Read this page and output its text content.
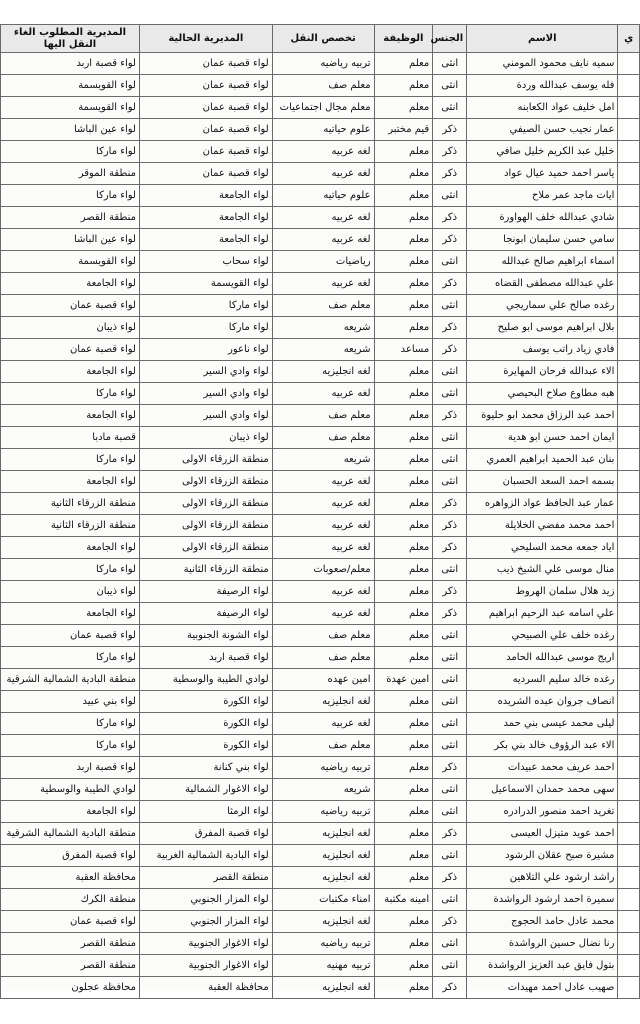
ي	الاسم	الجنس	الوظيفة	تخصص النقل	المديرية الحالية	المديرية المطلوب الغاء النقل اليها
	سميه نايف محمود المومني	انثى	معلم	تربيه رياضيه	لواء قصبة عمان	لواء قصبة اربد
	فله يوسف عبدالله وردة	انثى	معلم	معلم صف	لواء قصبة عمان	لواء القويسمة
	امل خليف عواد الكعابنه	انثى	معلم	معلم مجال اجتماعيات	لواء قصبة عمان	لواء القويسمة
	عمار نجيب حسن الصيفي	ذكر	قيم مختبر	علوم حياتيه	لواء قصبة عمان	لواء عين الباشا
	خليل عبد الكريم خليل صافي	ذكر	معلم	لغه عربيه	لواء قصبة عمان	لواء ماركا
	ياسر احمد حميد عيال عواد	ذكر	معلم	لغه عربيه	لواء قصبة عمان	منطقة الموقر
	ايات ماجد عمر ملاح	انثى	معلم	علوم حياتيه	لواء الجامعة	لواء ماركا
	شادي عبدالله خلف الهواورة	ذكر	معلم	لغه عربيه	لواء الجامعة	منطقة القصر
	سامي حسن سليمان ابونجا	ذكر	معلم	لغه عربيه	لواء الجامعة	لواء عين الباشا
	اسماء ابراهيم صالح عبدالله	انثى	معلم	رياضيات	لواء سحاب	لواء القويسمة
	علي عبدالله مصطفى القضاه	ذكر	معلم	لغه عربيه	لواء القويسمة	لواء الجامعة
	رغده صالح علي سماريجي	انثى	معلم	معلم صف	لواء ماركا	لواء قصبة عمان
	بلال ابراهيم موسى ابو صليح	ذكر	معلم	شريعه	لواء ماركا	لواء ذيبان
	فادي زياد راتب يوسف	ذكر	مساعد	شريعه	لواء ناعور	لواء قصبة عمان
	الاء عبدالله فرحان المهايرة	انثى	معلم	لغه انجليزيه	لواء وادي السير	لواء الجامعة
	هبه مطاوع صلاح البحيصي	انثى	معلم	لغه عربيه	لواء وادي السير	لواء ماركا
	احمد عبد الرزاق محمد ابو حليوة	ذكر	معلم	معلم صف	لواء وادي السير	لواء الجامعة
	ايمان احمد حسن ابو هدية	انثى	معلم	معلم صف	لواء ذيبان	قصبة مادبا
	بنان عبد الحميد ابراهيم العمري	انثى	معلم	شريعه	منطقة الزرقاء الاولى	لواء ماركا
	بسمه احمد السعد الحسبان	انثى	معلم	لغه عربيه	منطقة الزرقاء الاولى	لواء الجامعة
	عمار عبد الحافظ عواد الزواهره	ذكر	معلم	لغه عربيه	منطقة الزرقاء الاولى	منطقة الزرقاء الثانية
	احمد محمد مفضي الخلايلة	ذكر	معلم	لغه عربيه	منطقة الزرقاء الاولى	منطقة الزرقاء الثانية
	اياد جمعه محمد السليحي	ذكر	معلم	لغه عربيه	منطقة الزرقاء الاولى	لواء الجامعة
	منال موسى علي الشيخ ذيب	انثى	معلم	معلم/صعوبات	منطقة الزرقاء الثانية	لواء ماركا
	زيد هلال سلمان الهروط	ذكر	معلم	لغه عربيه	لواء الرصيفة	لواء ذيبان
	علي اسامه عبد الرحيم ابراهيم	ذكر	معلم	لغه عربيه	لواء الرصيفة	لواء الجامعة
	رغده خلف علي الصبيحي	انثى	معلم	معلم صف	لواء الشونة الجنوبية	لواء قصبة عمان
	اريج موسى عبدالله الحامد	انثى	معلم	معلم صف	لواء قصبة اربد	لواء ماركا
	رغده خالد سليم السرديه	انثى	امين عهدة	امين عهده	لوادي الطيبة والوسطية	منطقة البادية الشمالية الشرقية
	انصاف جروان عبده الشريده	انثى	معلم	لغه انجليزيه	لواء الكورة	لواء بني عبيد
	ليلى محمد عيسى بني حمد	انثى	معلم	لغه عربيه	لواء الكورة	لواء ماركا
	الاء عبد الرؤوف خالد بني بكر	انثى	معلم	معلم صف	لواء الكورة	لواء ماركا
	احمد عريف محمد عبيدات	ذكر	معلم	تربيه رياضيه	لواء بني كنانة	لواء قصبة اربد
	سهى محمد حمدان الاسماعيل	انثى	معلم	شريعه	لواء الاغوار الشمالية	لوادي الطيبة والوسطية
	تغريد احمد منصور الدرادره	انثى	معلم	تربيه رياضيه	لواء الرمثا	لواء الجامعة
	احمد عويد متيزل العيسى	ذكر	معلم	لغه انجليزيه	لواء قصبة المفرق	منطقة البادية الشمالية الشرقية
	مشيرة صبح عقلان الرشود	انثى	معلم	لغه انجليزيه	لواء البادية الشمالية الغربية	لواء قصبة المفرق
	راشد ارشود علي التلاهين	ذكر	معلم	لغه انجليزيه	منطقة القصر	محافظة العقبة
	سميرة احمد ارشود الرواشدة	انثى	امينه مكتبة	امناء مكتبات	لواء المزار الجنوبي	منطقة الكرك
	محمد عادل حامد الحجوج	ذكر	معلم	لغه انجليزيه	لواء المزار الجنوبي	لواء قصبة عمان
	رنا نضال حسين الرواشدة	انثى	معلم	تربيه رياضيه	لواء الاغوار الجنوبية	منطقة القصر
	بتول فايق عبد العزيز الرواشدة	انثى	معلم	تربيه مهنيه	لواء الاغوار الجنوبية	منطقة القصر
	صهيب عادل احمد مهيدات	ذكر	معلم	لغه انجليزيه	محافظة العقبة	محافظة عجلون
